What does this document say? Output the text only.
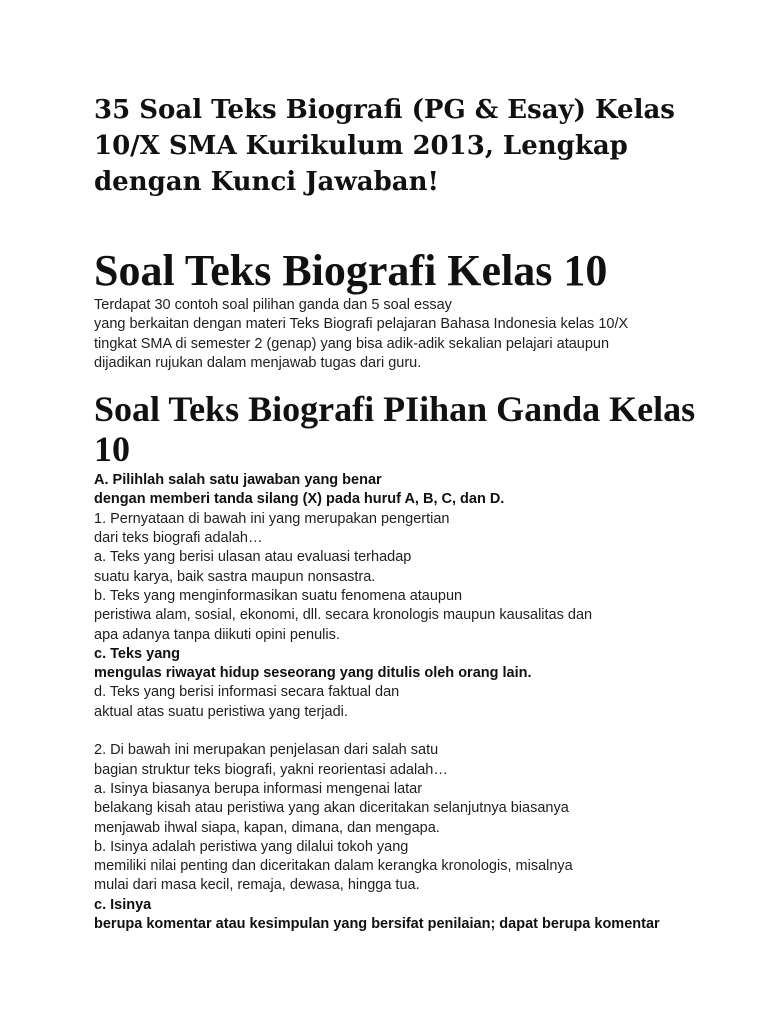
35 Soal Teks Biografi (PG & Esay) Kelas 10/X SMA Kurikulum 2013, Lengkap dengan Kunci Jawaban!
Soal Teks Biografi Kelas 10
Terdapat 30 contoh soal pilihan ganda dan 5 soal essay
yang berkaitan dengan materi Teks Biografi pelajaran Bahasa Indonesia kelas 10/X
tingkat SMA di semester 2 (genap) yang bisa adik-adik sekalian pelajari ataupun
dijadikan rujukan dalam menjawab tugas dari guru.
Soal Teks Biografi PIihan Ganda Kelas 10
A. Pilihlah salah satu jawaban yang benar
dengan memberi tanda silang (X) pada huruf A, B, C, dan D.
1. Pernyataan di bawah ini yang merupakan pengertian
dari teks biografi adalah…
a. Teks yang berisi ulasan atau evaluasi terhadap
suatu karya, baik sastra maupun nonsastra.
b. Teks yang menginformasikan suatu fenomena ataupun
peristiwa alam, sosial, ekonomi, dll. secara kronologis maupun kausalitas dan
apa adanya tanpa diikuti opini penulis.
c. Teks yang
mengulas riwayat hidup seseorang yang ditulis oleh orang lain.
d. Teks yang berisi informasi secara faktual dan
aktual atas suatu peristiwa yang terjadi.
2. Di bawah ini merupakan penjelasan dari salah satu
bagian struktur teks biografi, yakni reorientasi adalah…
a. Isinya biasanya berupa informasi mengenai latar
belakang kisah atau peristiwa yang akan diceritakan selanjutnya biasanya
menjawab ihwal siapa, kapan, dimana, dan mengapa.
b. Isinya adalah peristiwa yang dilalui tokoh yang
memiliki nilai penting dan diceritakan dalam kerangka kronologis, misalnya
mulai dari masa kecil, remaja, dewasa, hingga tua.
c. Isinya
berupa komentar atau kesimpulan yang bersifat penilaian; dapat berupa komentar
